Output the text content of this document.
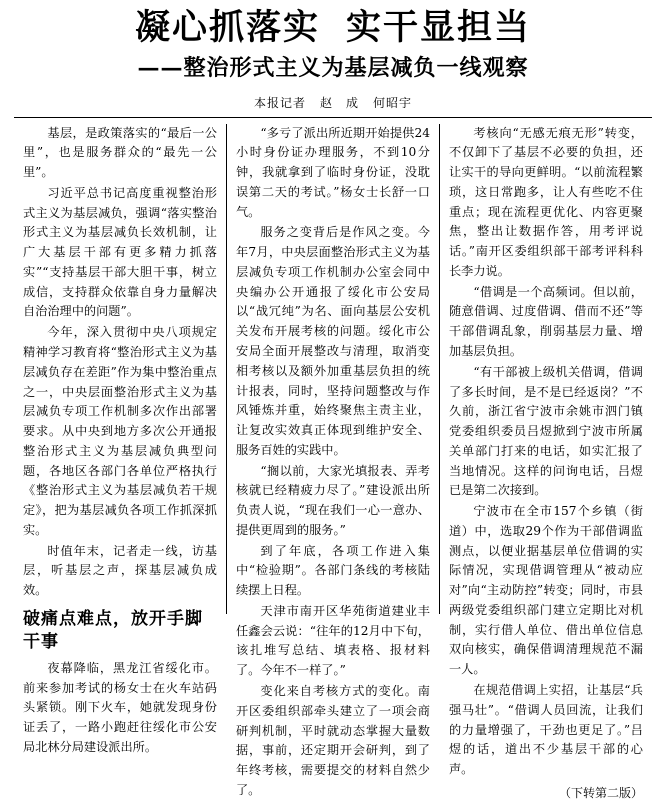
凝心抓落实 实干显担当
——整治形式主义为基层减负一线观察
本报记者 赵　成 何昭宇

基层，是政策落实的“最后一公里”，也是服务群众的“最先一公里”。

习近平总书记高度重视整治形式主义为基层减负，强调“落实整治形式主义为基层减负长效机制，让广大基层干部有更多精力抓落实”“支持基层干部大胆干事，树立成信，支持群众依靠自身力量解决自治治理中的问题”。

今年，深入贯彻中央八项规定精神学习教育将“整治形式主义为基层减负存在差距”作为集中整治重点之一，中央层面整治形式主义为基层减负专项工作机制多次作出部署要求。从中央到地方多次公开通报整治形式主义为基层减负典型问题，各地区各部门各单位严格执行《整治形式主义为基层减负若干规定》，把为基层减负各项工作抓深抓实。

时值年末，记者走一线，访基层，听基层之声，探基层减负成效。

破痛点难点，放开手脚干事

夜幕降临，黑龙江省绥化市。前来参加考试的杨女士在火车站码头紧锁。刚下火车，她就发现身份证丢了，一路小跑赶往绥化市公安局北林分局建设派出所。

“多亏了派出所近期开始提供24小时身份证办理服务，不到10分钟，我就拿到了临时身份证，没耽误第二天的考试。”杨女士长舒一口气。

服务之变背后是作风之变。今年7月，中央层面整治形式主义为基层减负专项工作机制办公室会同中央编办公开通报了绥化市公安局以“战冗纯”为名、面向基层公安机关发布开展考核的问题。绥化市公安局全面开展整改与清理，取消变相考核以及额外加重基层负担的统计报表，同时，坚持问题整改与作风锤炼并重，始终聚焦主责主业，让复改实效真正体现到维护安全、服务百姓的实践中。

“搁以前，大家光填报表、弄考核就已经精疲力尽了。”建设派出所负责人说，“现在我们一心一意办、提供更周到的服务。”

到了年底，各项工作进入集中“检验期”。各部门条线的考核陆续摆上日程。

天津市南开区华苑街道建业丰任鑫会云说：“往年的12月中下旬，该扎堆写总结、填表格、报材料了。今年不一样了。”

变化来自考核方式的变化。南开区委组织部牵头建立了一项会商研判机制，平时就动态掌握大量数据，事前，还定期开会研判，到了年终考核，需要提交的材料自然少了。

考核向“无感无痕无形”转变，不仅卸下了基层不必要的负担，还让实干的导向更鲜明。“以前流程繁琐，这日常跑多，让人有些吃不住重点；现在流程更优化、内容更聚焦，整出让数据作答，用考评说话。”南开区委组织部干部考评科科长李力说。

“借调是一个高频词。但以前，随意借调、过度借调、借而不还”等干部借调乱象，削弱基层力量、增加基层负担。

“有干部被上级机关借调，借调了多长时间，是不是已经返岗？”不久前，浙江省宁波市余姚市泗门镇党委组织委员吕煜掀到宁波市所属关单部门打来的电话，如实汇报了当地情况。这样的问询电话，吕煜已是第二次接到。

宁波市在全市157个乡镇（街道）中，选取29个作为干部借调监测点，以便业据基层单位借调的实际情况，实现借调管理从“被动应对”向“主动防控”转变；同时，市县两级党委组织部门建立定期比对机制，实行借人单位、借出单位信息双向核实，确保借调清理规范不漏一人。

在规范借调上实招，让基层“兵强马壮”。“借调人员回流，让我们的力量增强了，干劲也更足了。”吕煜的话，道出不少基层干部的心声。

（下转第二版）
